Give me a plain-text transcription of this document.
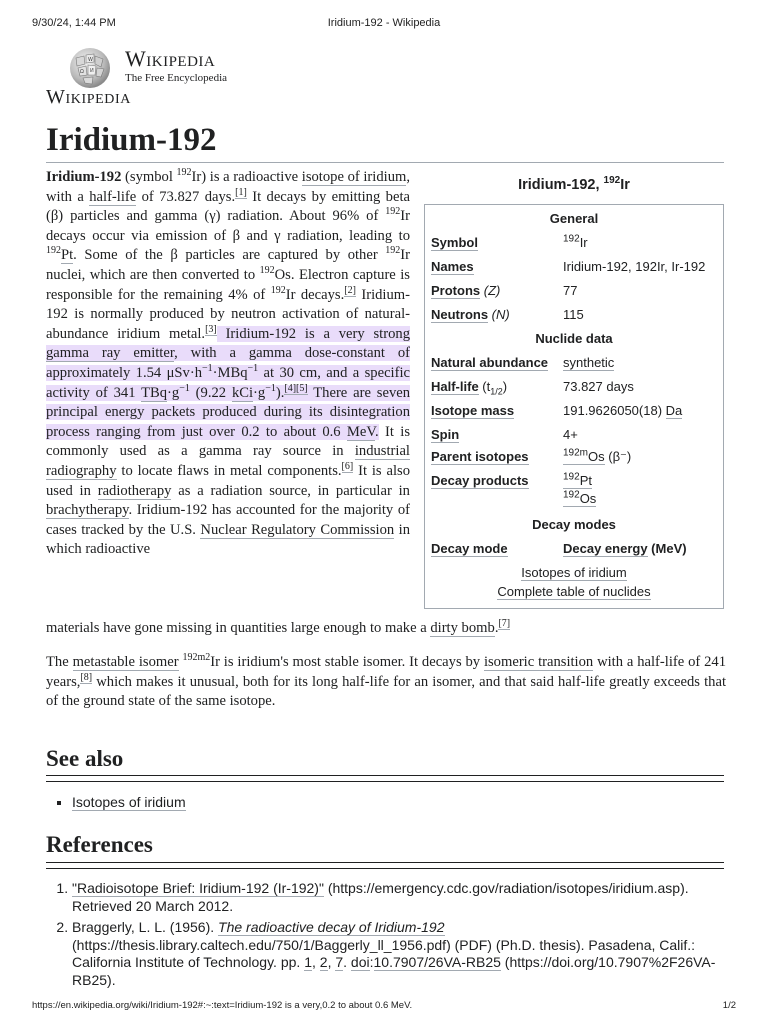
9/30/24, 1:44 PM	Iridium-192 - Wikipedia
W
Ω И Wikipedia
The Free Encyclopedia
Wikipedia
Iridium-192

Iridium-192 (symbol $^{192}$Ir) is a radioactive isotope of iridium, with a half-life of 73.827 days.[1] It decays by emitting beta (β) particles and gamma (γ) radiation. About 96% of $^{192}$Ir decays occur via emission of β and γ radiation, leading to $^{192}$Pt. Some of the β particles are captured by other $^{192}$Ir nuclei, which are then converted to $^{192}$Os. Electron capture is responsible for the remaining 4% of $^{192}$Ir decays.[2] Iridium-192 is normally produced by neutron activation of natural-abundance iridium metal.[3] Iridium-192 is a very strong gamma ray emitter, with a gamma dose-constant of approximately 1.54 $\mu Sv\cdot h^{-1}\cdot MBq^{-1}$ at 30 cm, and a specific activity of 341 $TBq\cdot g^{-1}$ (9.22 $kCi\cdot g^{-1}).[4][5]$ There are seven principal energy packets produced during its disintegration process ranging from just over 0.2 to about 0.6 MeV. It is commonly used as a gamma ray source in industrial radiography to locate flaws in metal components.[6] It is also used in radiotherapy as a radiation source, in particular in brachytherapy. Iridium-192 has accounted for the majority of cases tracked by the U.S. Nuclear Regulatory Commission in which radioactive

materials have gone missing in quantities large enough to make a dirty bomb.[7]

The metastable isomer $^{192m2}$Ir is iridium's most stable isomer. It decays by isomeric transition with a half-life of 241 years,[8] which makes it unusual, both for its long half-life for an isomer, and that said half-life greatly exceeds that of the ground state of the same isotope.

Iridium-192, $^{192}$Ir
General
Symbol	$^{192}$Ir
Names	Iridium-192, 192Ir, Ir-192
Protons (Z)	77
Neutrons (N)	115
Nuclide data
Natural abundance synthetic
Half-life $(t_{1/2})$	73.827 days
Isotope mass	191.9626050(18) Da
Spin	4+
Parent isotopes	$^{192m}$Os (β⁻)
Decay products	$^{192}$Pt
$^{192}$Os
Decay modes
Decay mode	Decay energy (MeV)
Isotopes of iridium
Complete table of nuclides
See also
▪ Isotopes of iridium
References
1. "Radioisotope Brief: Iridium-192 (Ir-192)" (https://emergency.cdc.gov/radiation/isotopes/iridium.asp). Retrieved 20 March 2012.
2. Braggerly, L. L. (1956). The radioactive decay of Iridium-192 (https://thesis.library.caltech.edu/750/1/Baggerly_ll_1956.pdf) (PDF) (Ph.D. thesis). Pasadena, Calif.: California Institute of Technology. pp. 1, 2, 7. doi:10.7907/26VA-RB25 (https://doi.org/10.7907%2F26VA-RB25).
https://en.wikipedia.org/wiki/Iridium-192#:~:text=Iridium-192 is a very,0.2 to about 0.6 MeV.	1/2
